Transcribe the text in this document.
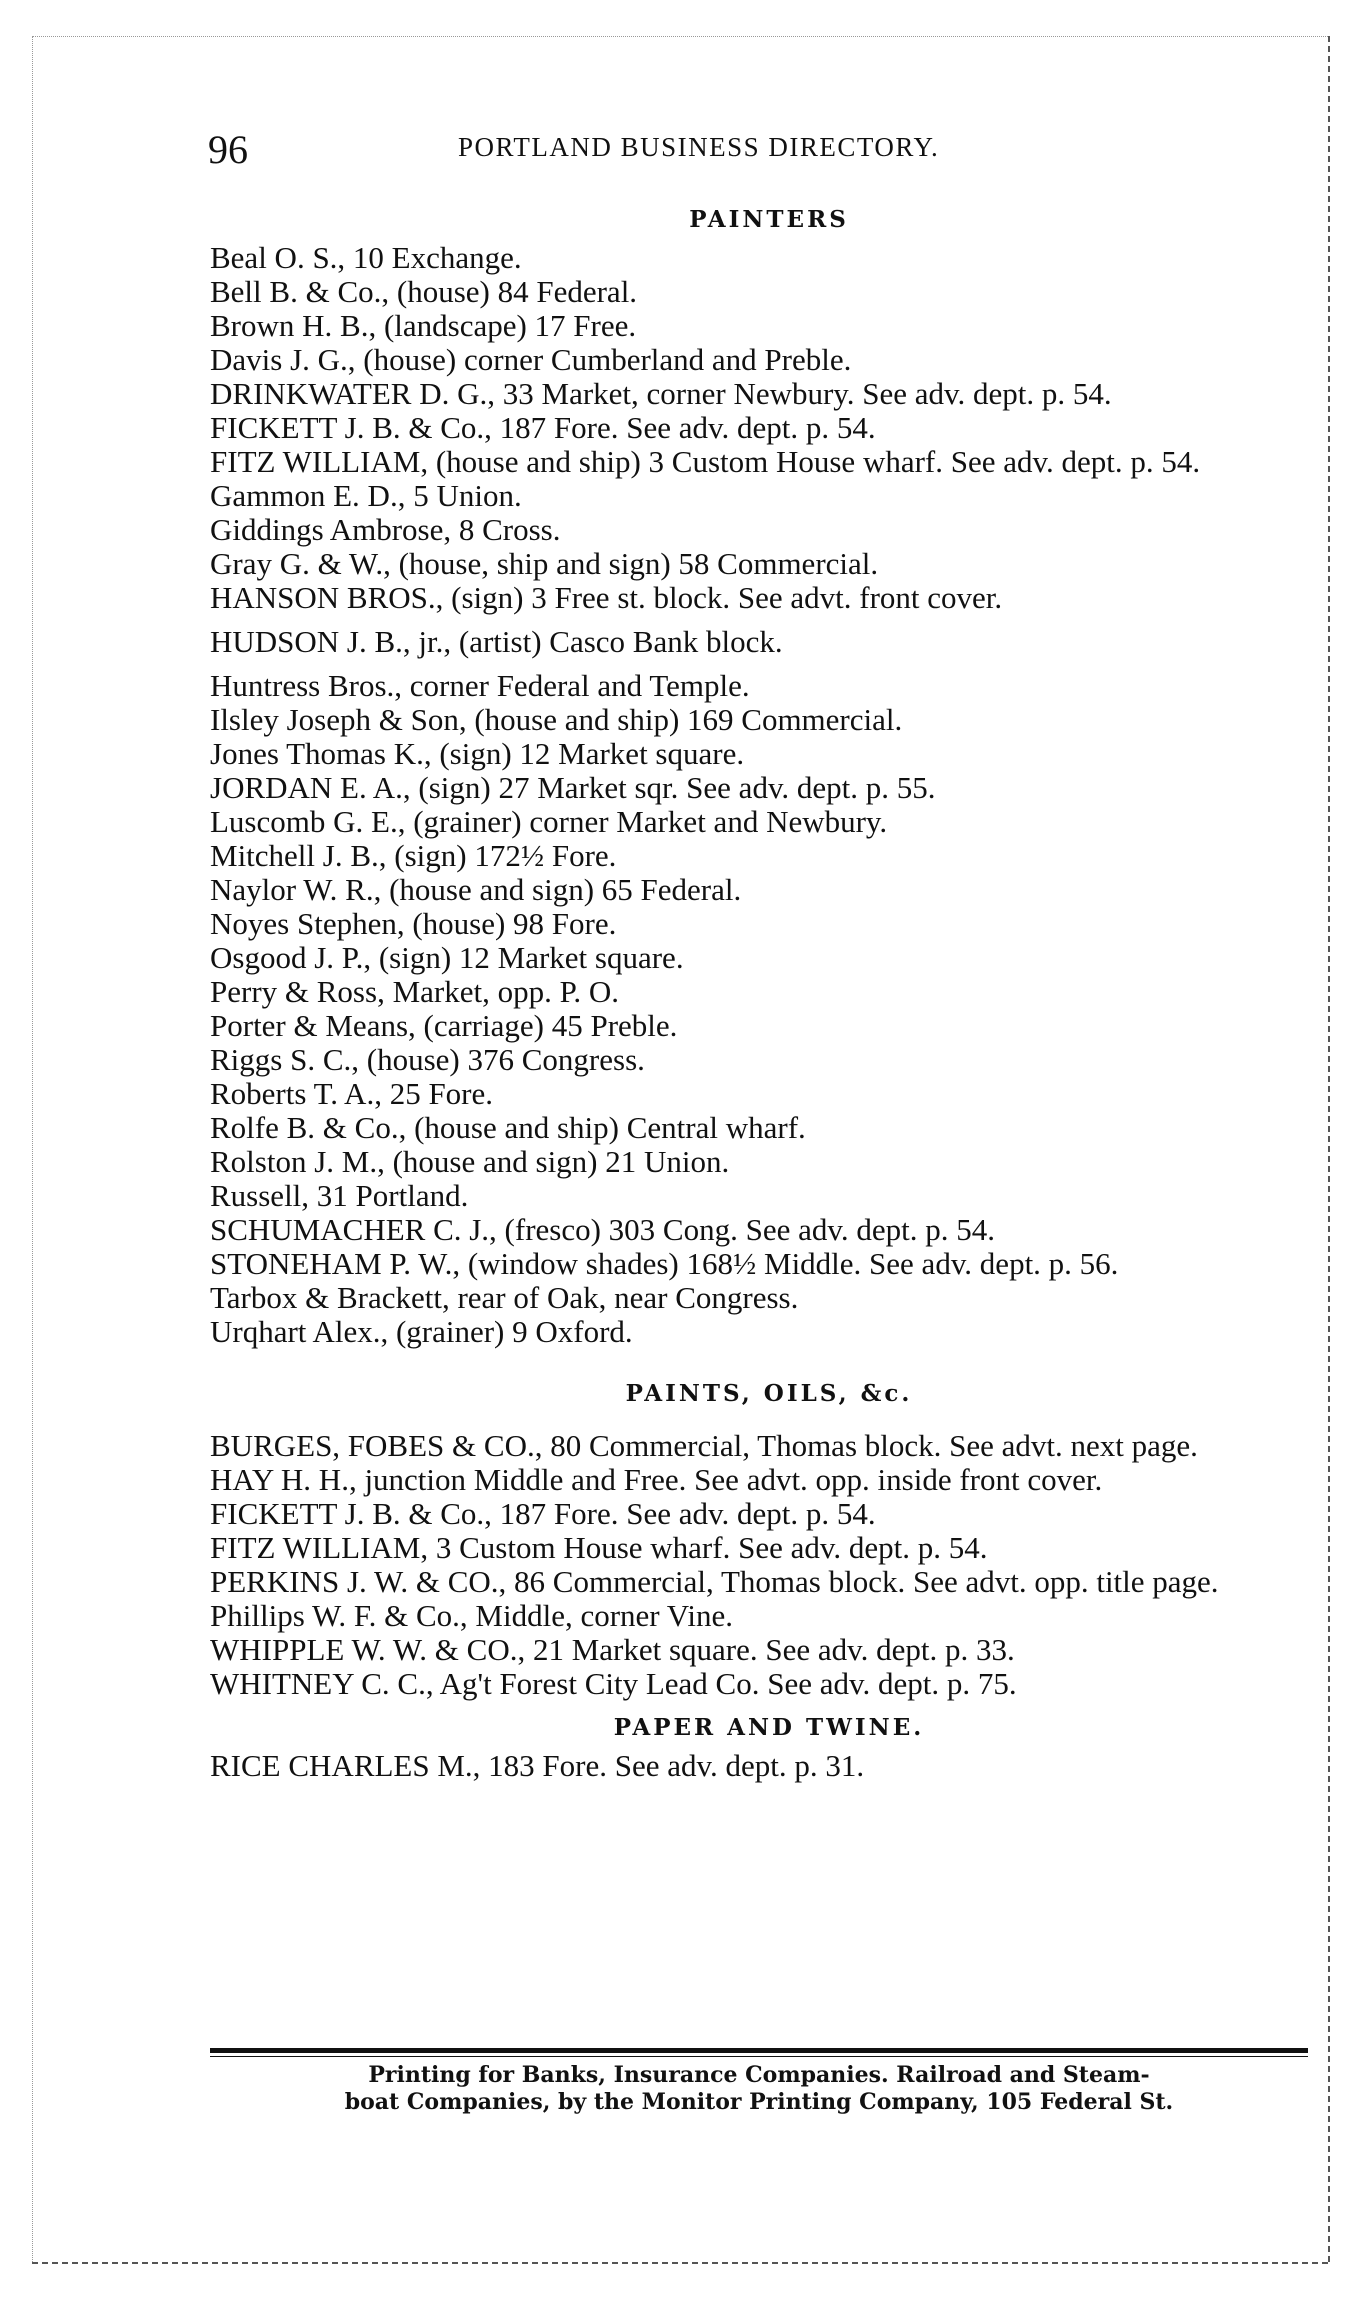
96	PORTLAND BUSINESS DIRECTORY.
PAINTERS
Beal O. S., 10 Exchange.
Bell B. & Co., (house) 84 Federal.
Brown H. B., (landscape) 17 Free.
Davis J. G., (house) corner Cumberland and Preble.
DRINKWATER D. G., 33 Market, corner Newbury. See adv. dept. p. 54.
FICKETT J. B. & Co., 187 Fore. See adv. dept. p. 54.
FITZ WILLIAM, (house and ship) 3 Custom House wharf. See adv. dept. p. 54.
Gammon E. D., 5 Union.
Giddings Ambrose, 8 Cross.
Gray G. & W., (house, ship and sign) 58 Commercial.
HANSON BROS., (sign) 3 Free st. block. See advt. front cover.
HUDSON J. B., jr., (artist) Casco Bank block.
Huntress Bros., corner Federal and Temple.
Ilsley Joseph & Son, (house and ship) 169 Commercial.
Jones Thomas K., (sign) 12 Market square.
JORDAN E. A., (sign) 27 Market sqr. See adv. dept. p. 55.
Luscomb G. E., (grainer) corner Market and Newbury.
Mitchell J. B., (sign) 172½ Fore.
Naylor W. R., (house and sign) 65 Federal.
Noyes Stephen, (house) 98 Fore.
Osgood J. P., (sign) 12 Market square.
Perry & Ross, Market, opp. P. O.
Porter & Means, (carriage) 45 Preble.
Riggs S. C., (house) 376 Congress.
Roberts T. A., 25 Fore.
Rolfe B. & Co., (house and ship) Central wharf.
Rolston J. M., (house and sign) 21 Union.
Russell, 31 Portland.
SCHUMACHER C. J., (fresco) 303 Cong. See adv. dept. p. 54.
STONEHAM P. W., (window shades) 168½ Middle. See adv. dept. p. 56.
Tarbox & Brackett, rear of Oak, near Congress.
Urqhart Alex., (grainer) 9 Oxford.
PAINTS, OILS, &c.
BURGES, FOBES & CO., 80 Commercial, Thomas block. See advt. next page.
HAY H. H., junction Middle and Free. See advt. opp. inside front cover.
FICKETT J. B. & Co., 187 Fore. See adv. dept. p. 54.
FITZ WILLIAM, 3 Custom House wharf. See adv. dept. p. 54.
PERKINS J. W. & CO., 86 Commercial, Thomas block. See advt. opp. title page.
Phillips W. F. & Co., Middle, corner Vine.
WHIPPLE W. W. & CO., 21 Market square. See adv. dept. p. 33.
WHITNEY C. C., Ag't Forest City Lead Co. See adv. dept. p. 75.
PAPER AND TWINE.
RICE CHARLES M., 183 Fore. See adv. dept. p. 31.
Printing for Banks, Insurance Companies. Railroad and Steam-
boat Companies, by the Monitor Printing Company, 105 Federal St.
